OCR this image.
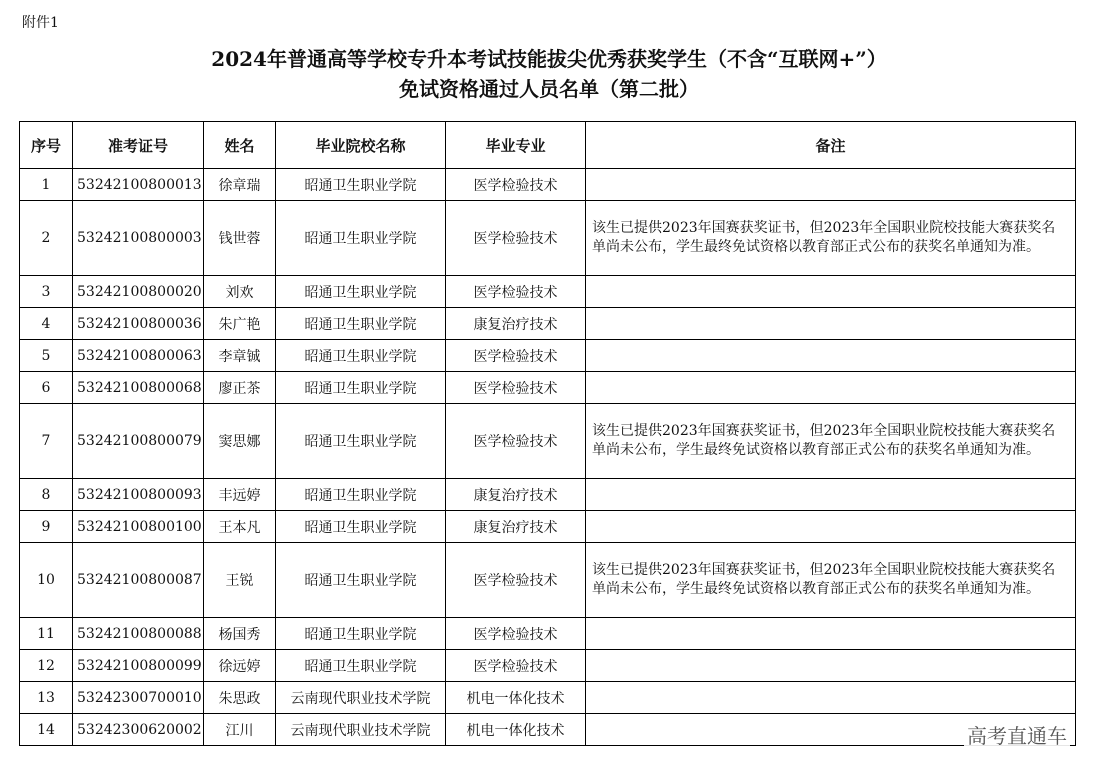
附件1
2024年普通高等学校专升本考试技能拔尖优秀获奖学生（不含“互联网+”）
免试资格通过人员名单（第二批）
序号	准考证号	姓名	毕业院校名称	毕业专业	备注
1	53242100800013	徐章瑞	昭通卫生职业学院	医学检验技术	
2	53242100800003	钱世蓉	昭通卫生职业学院	医学检验技术	该生已提供2023年国赛获奖证书，但2023年全国职业院校技能大赛获奖名单尚未公布，学生最终免试资格以教育部正式公布的获奖名单通知为准。
3	53242100800020	刘欢	昭通卫生职业学院	医学检验技术	
4	53242100800036	朱广艳	昭通卫生职业学院	康复治疗技术	
5	53242100800063	李章铖	昭通卫生职业学院	医学检验技术	
6	53242100800068	廖正茶	昭通卫生职业学院	医学检验技术	
7	53242100800079	窦思娜	昭通卫生职业学院	医学检验技术	该生已提供2023年国赛获奖证书，但2023年全国职业院校技能大赛获奖名单尚未公布，学生最终免试资格以教育部正式公布的获奖名单通知为准。
8	53242100800093	丰远婷	昭通卫生职业学院	康复治疗技术	
9	53242100800100	王本凡	昭通卫生职业学院	康复治疗技术	
10	53242100800087	王锐	昭通卫生职业学院	医学检验技术	该生已提供2023年国赛获奖证书，但2023年全国职业院校技能大赛获奖名单尚未公布，学生最终免试资格以教育部正式公布的获奖名单通知为准。
11	53242100800088	杨国秀	昭通卫生职业学院	医学检验技术	
12	53242100800099	徐远婷	昭通卫生职业学院	医学检验技术	
13	53242300700010	朱思政	云南现代职业技术学院	机电一体化技术	
14	53242300620002	江川	云南现代职业技术学院	机电一体化技术		高考直通车
